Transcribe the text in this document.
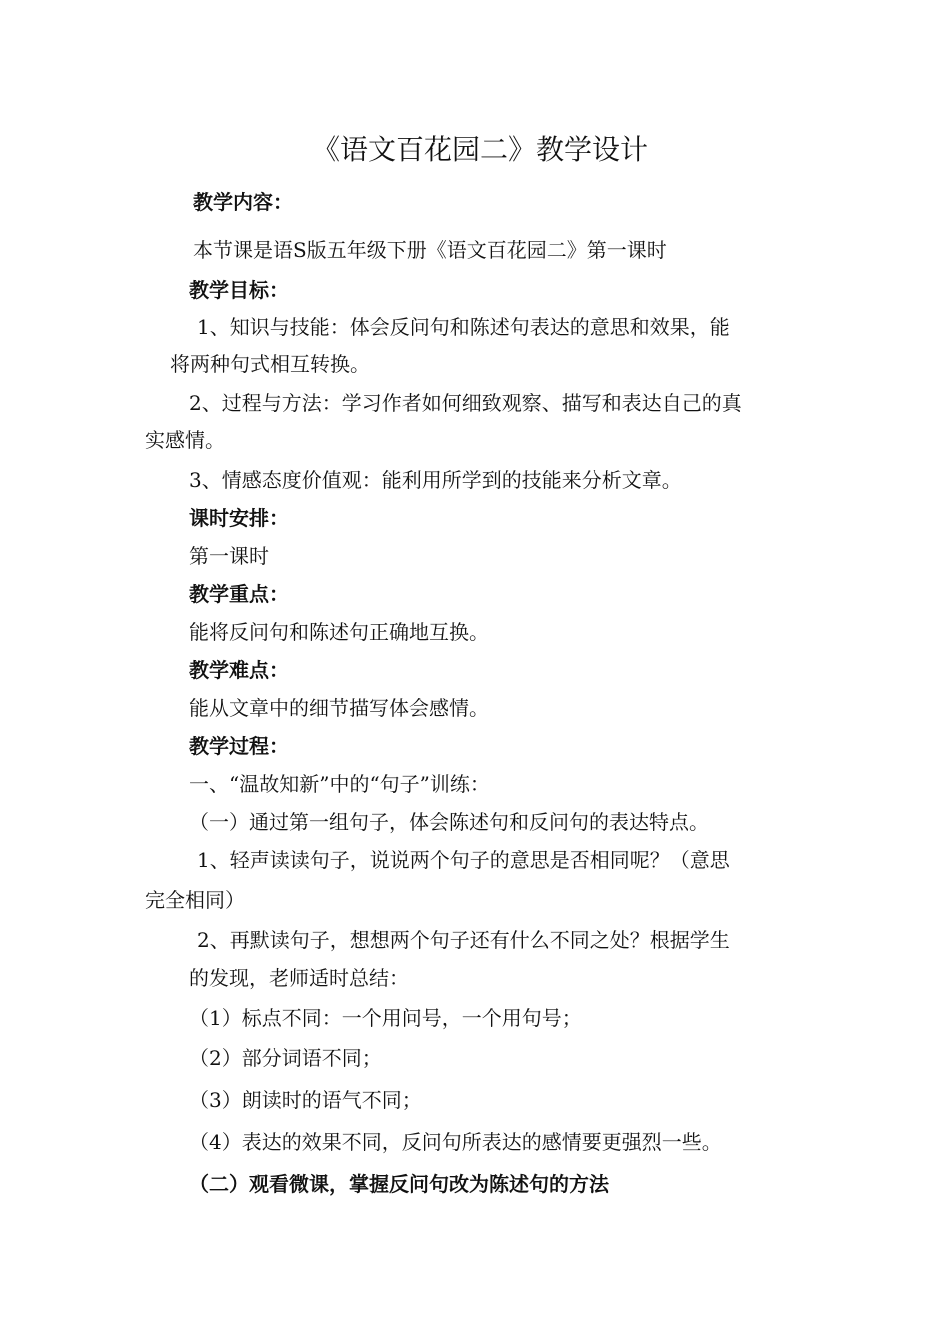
《语文百花园二》教学设计
教学内容：
本节课是语S版五年级下册《语文百花园二》第一课时
教学目标：
1、知识与技能：体会反问句和陈述句表达的意思和效果，能
将两种句式相互转换。
2、过程与方法：学习作者如何细致观察、描写和表达自己的真
实感情。
3、情感态度价值观：能利用所学到的技能来分析文章。
课时安排：
第一课时
教学重点：
能将反问句和陈述句正确地互换。
教学难点：
能从文章中的细节描写体会感情。
教学过程：
一、“温故知新”中的“句子”训练：
（一）通过第一组句子，体会陈述句和反问句的表达特点。
1、轻声读读句子，说说两个句子的意思是否相同呢？（意思
完全相同）
2、再默读句子，想想两个句子还有什么不同之处？根据学生
的发现，老师适时总结：
（1）标点不同：一个用问号，一个用句号；
（2）部分词语不同；
（3）朗读时的语气不同；
（4）表达的效果不同，反问句所表达的感情要更强烈一些。
（二）观看微课，掌握反问句改为陈述句的方法
